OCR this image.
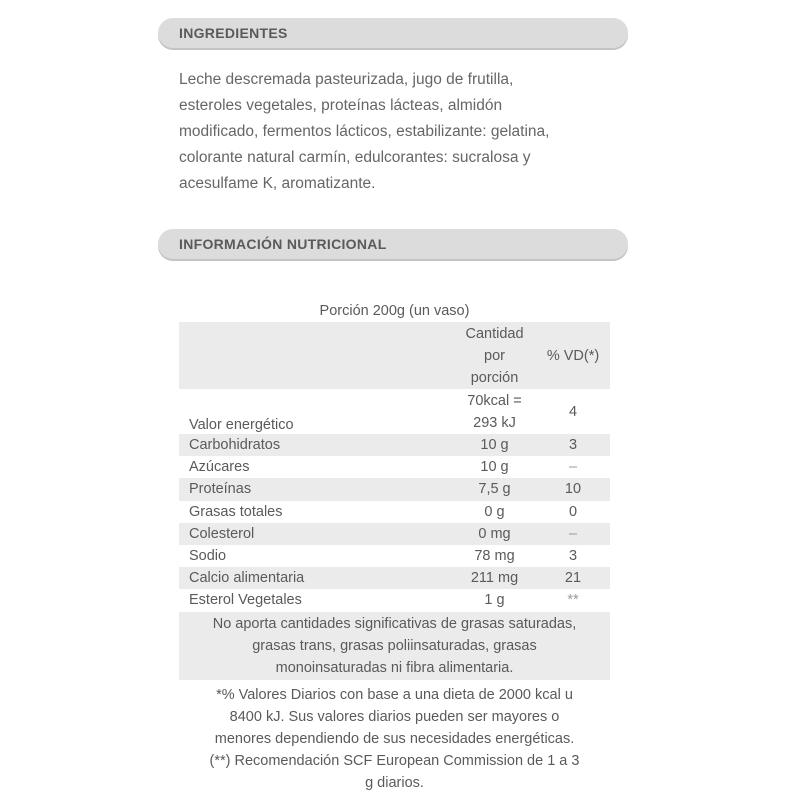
INGREDIENTES
Leche descremada pasteurizada, jugo de frutilla,
esteroles vegetales, proteínas lácteas, almidón
modificado, fermentos lácticos, estabilizante: gelatina,
colorante natural carmín, edulcorantes: sucralosa y
acesulfame K, aromatizante.
INFORMACIÓN NUTRICIONAL
Porción 200g (un vaso)

	Cantidad
por
porción	% VD(*)
Valor energético	70kcal =
293 kJ	4
Carbohidratos	10 g	3
Azúcares	10 g	–
Proteínas	7,5 g	10
Grasas totales	0 g	0
Colesterol	0 mg	–
Sodio	78 mg	3
Calcio alimentaria	211 mg	21
Esterol Vegetales	1 g	**

No aporta cantidades significativas de grasas saturadas,
grasas trans, grasas poliinsaturadas, grasas
monoinsaturadas ni fibra alimentaria.		
*% Valores Diarios con base a una dieta de 2000 kcal u
8400 kJ. Sus valores diarios pueden ser mayores o
menores dependiendo de sus necesidades energéticas.
(**) Recomendación SCF European Commission de 1 a 3
g diarios.
